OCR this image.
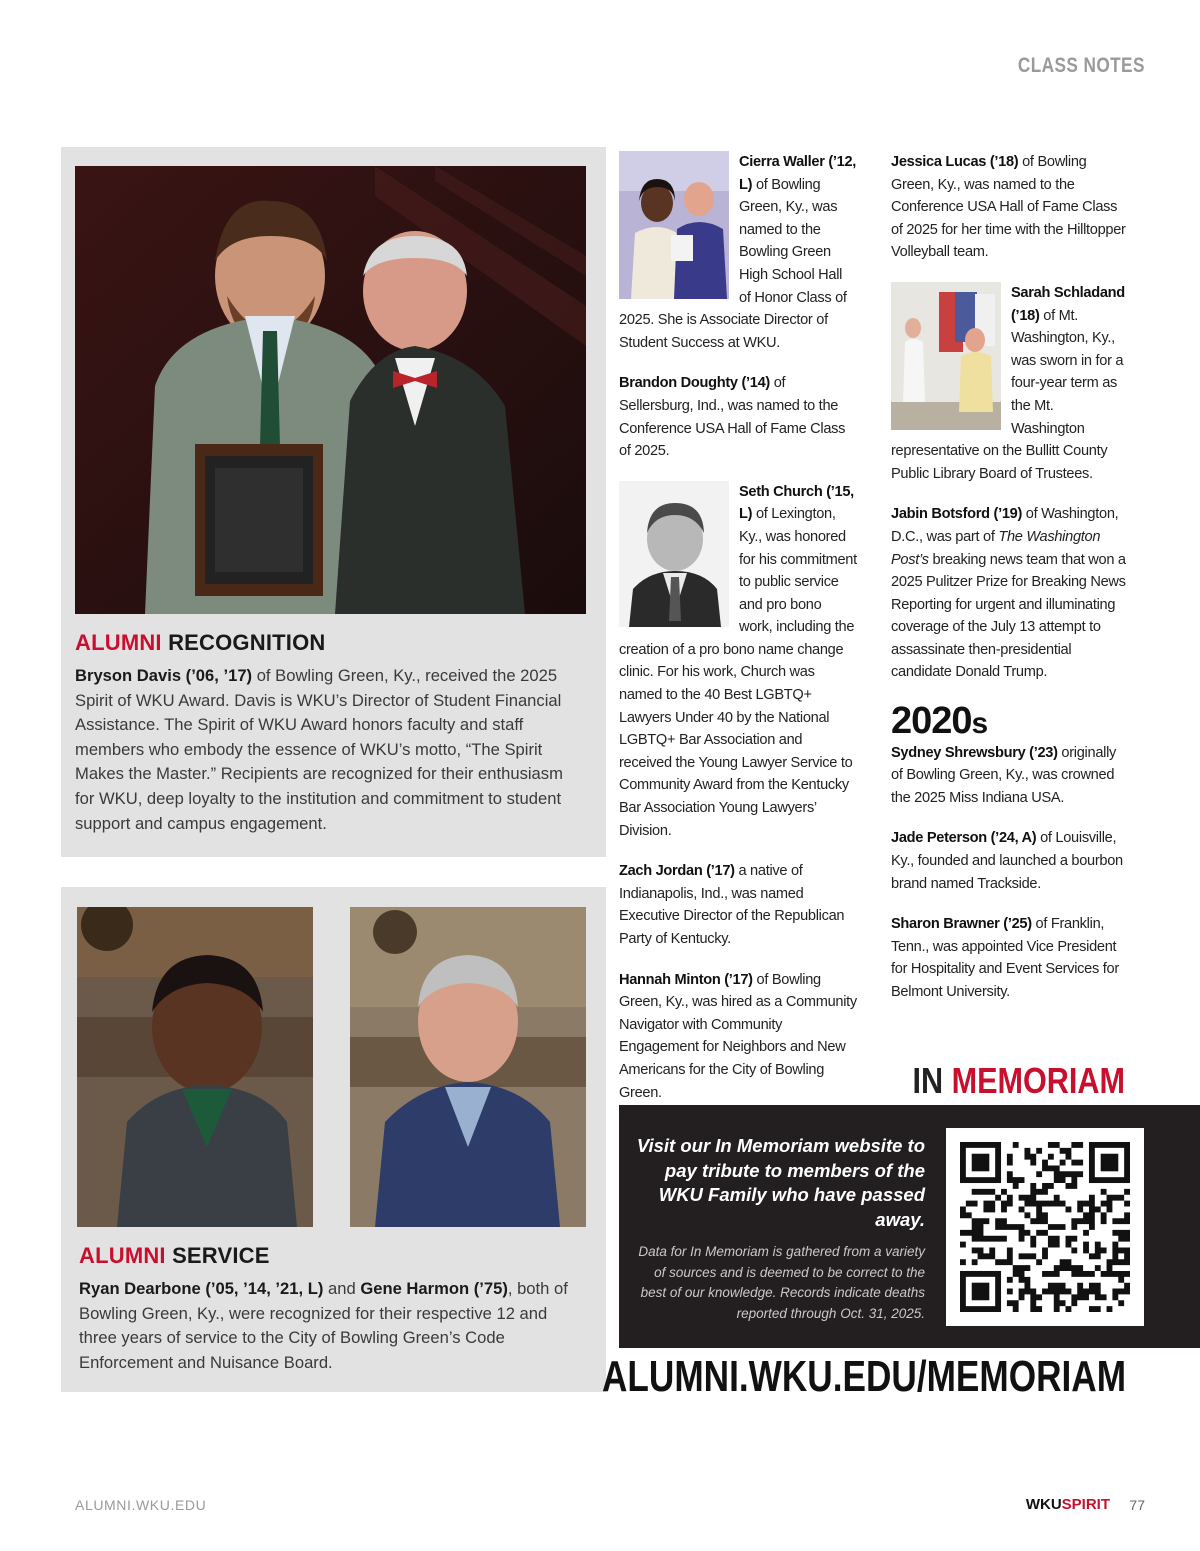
CLASS NOTES
ALUMNI RECOGNITION
Bryson Davis (’06, ’17) of Bowling Green, Ky., received the 2025 Spirit of WKU Award. Davis is WKU’s Director of Student Financial Assistance. The Spirit of WKU Award honors faculty and staff members who embody the essence of WKU’s motto, “The Spirit Makes the Master.” Recipients are recognized for their enthusiasm for WKU, deep loyalty to the institution and commitment to student support and campus engagement.
ALUMNI SERVICE
Ryan Dearbone (’05, ’14, ’21, L) and Gene Harmon (’75), both of Bowling Green, Ky., were recognized for their respective 12 and three years of service to the City of Bowling Green’s Code Enforcement and Nuisance Board.
Cierra Waller (’12, L) of Bowling Green, Ky., was named to the Bowling Green High School Hall of Honor Class of 2025. She is Associate Director of Student Success at WKU.
Brandon Doughty (’14) of Sellersburg, Ind., was named to the Conference USA Hall of Fame Class of 2025.
Seth Church (’15, L) of Lexington, Ky., was honored for his commitment to public service and pro bono work, including the creation of a pro bono name change clinic. For his work, Church was named to the 40 Best LGBTQ+ Lawyers Under 40 by the National LGBTQ+ Bar Association and received the Young Lawyer Service to Community Award from the Kentucky Bar Association Young Lawyers’ Division.
Zach Jordan (’17) a native of Indianapolis, Ind., was named Executive Director of the Republican Party of Kentucky.
Hannah Minton (’17) of Bowling Green, Ky., was hired as a Community Navigator with Community Engagement for Neighbors and New Americans for the City of Bowling Green.
Jessica Lucas (’18) of Bowling Green, Ky., was named to the Conference USA Hall of Fame Class of 2025 for her time with the Hilltopper Volleyball team.
Sarah Schladand (’18) of Mt. Washington, Ky., was sworn in for a four-year term as the Mt. Washington representative on the Bullitt County Public Library Board of Trustees.
Jabin Botsford (’19) of Washington, D.C., was part of The Washington Post’s breaking news team that won a 2025 Pulitzer Prize for Breaking News Reporting for urgent and illuminating coverage of the July 13 attempt to assassinate then-presidential candidate Donald Trump.
2020s
Sydney Shrewsbury (’23) originally of Bowling Green, Ky., was crowned the 2025 Miss Indiana USA.
Jade Peterson (’24, A) of Louisville, Ky., founded and launched a bourbon brand named Trackside.
Sharon Brawner (’25) of Franklin, Tenn., was appointed Vice President for Hospitality and Event Services for Belmont University.
IN MEMORIAM
Visit our In Memoriam website to pay tribute to members of the WKU Family who have passed away.
Data for In Memoriam is gathered from a variety of sources and is deemed to be correct to the best of our knowledge. Records indicate deaths reported through Oct. 31, 2025.
ALUMNI.WKU.EDU/MEMORIAM
ALUMNI.WKU.EDU	WKUSPIRIT 77
